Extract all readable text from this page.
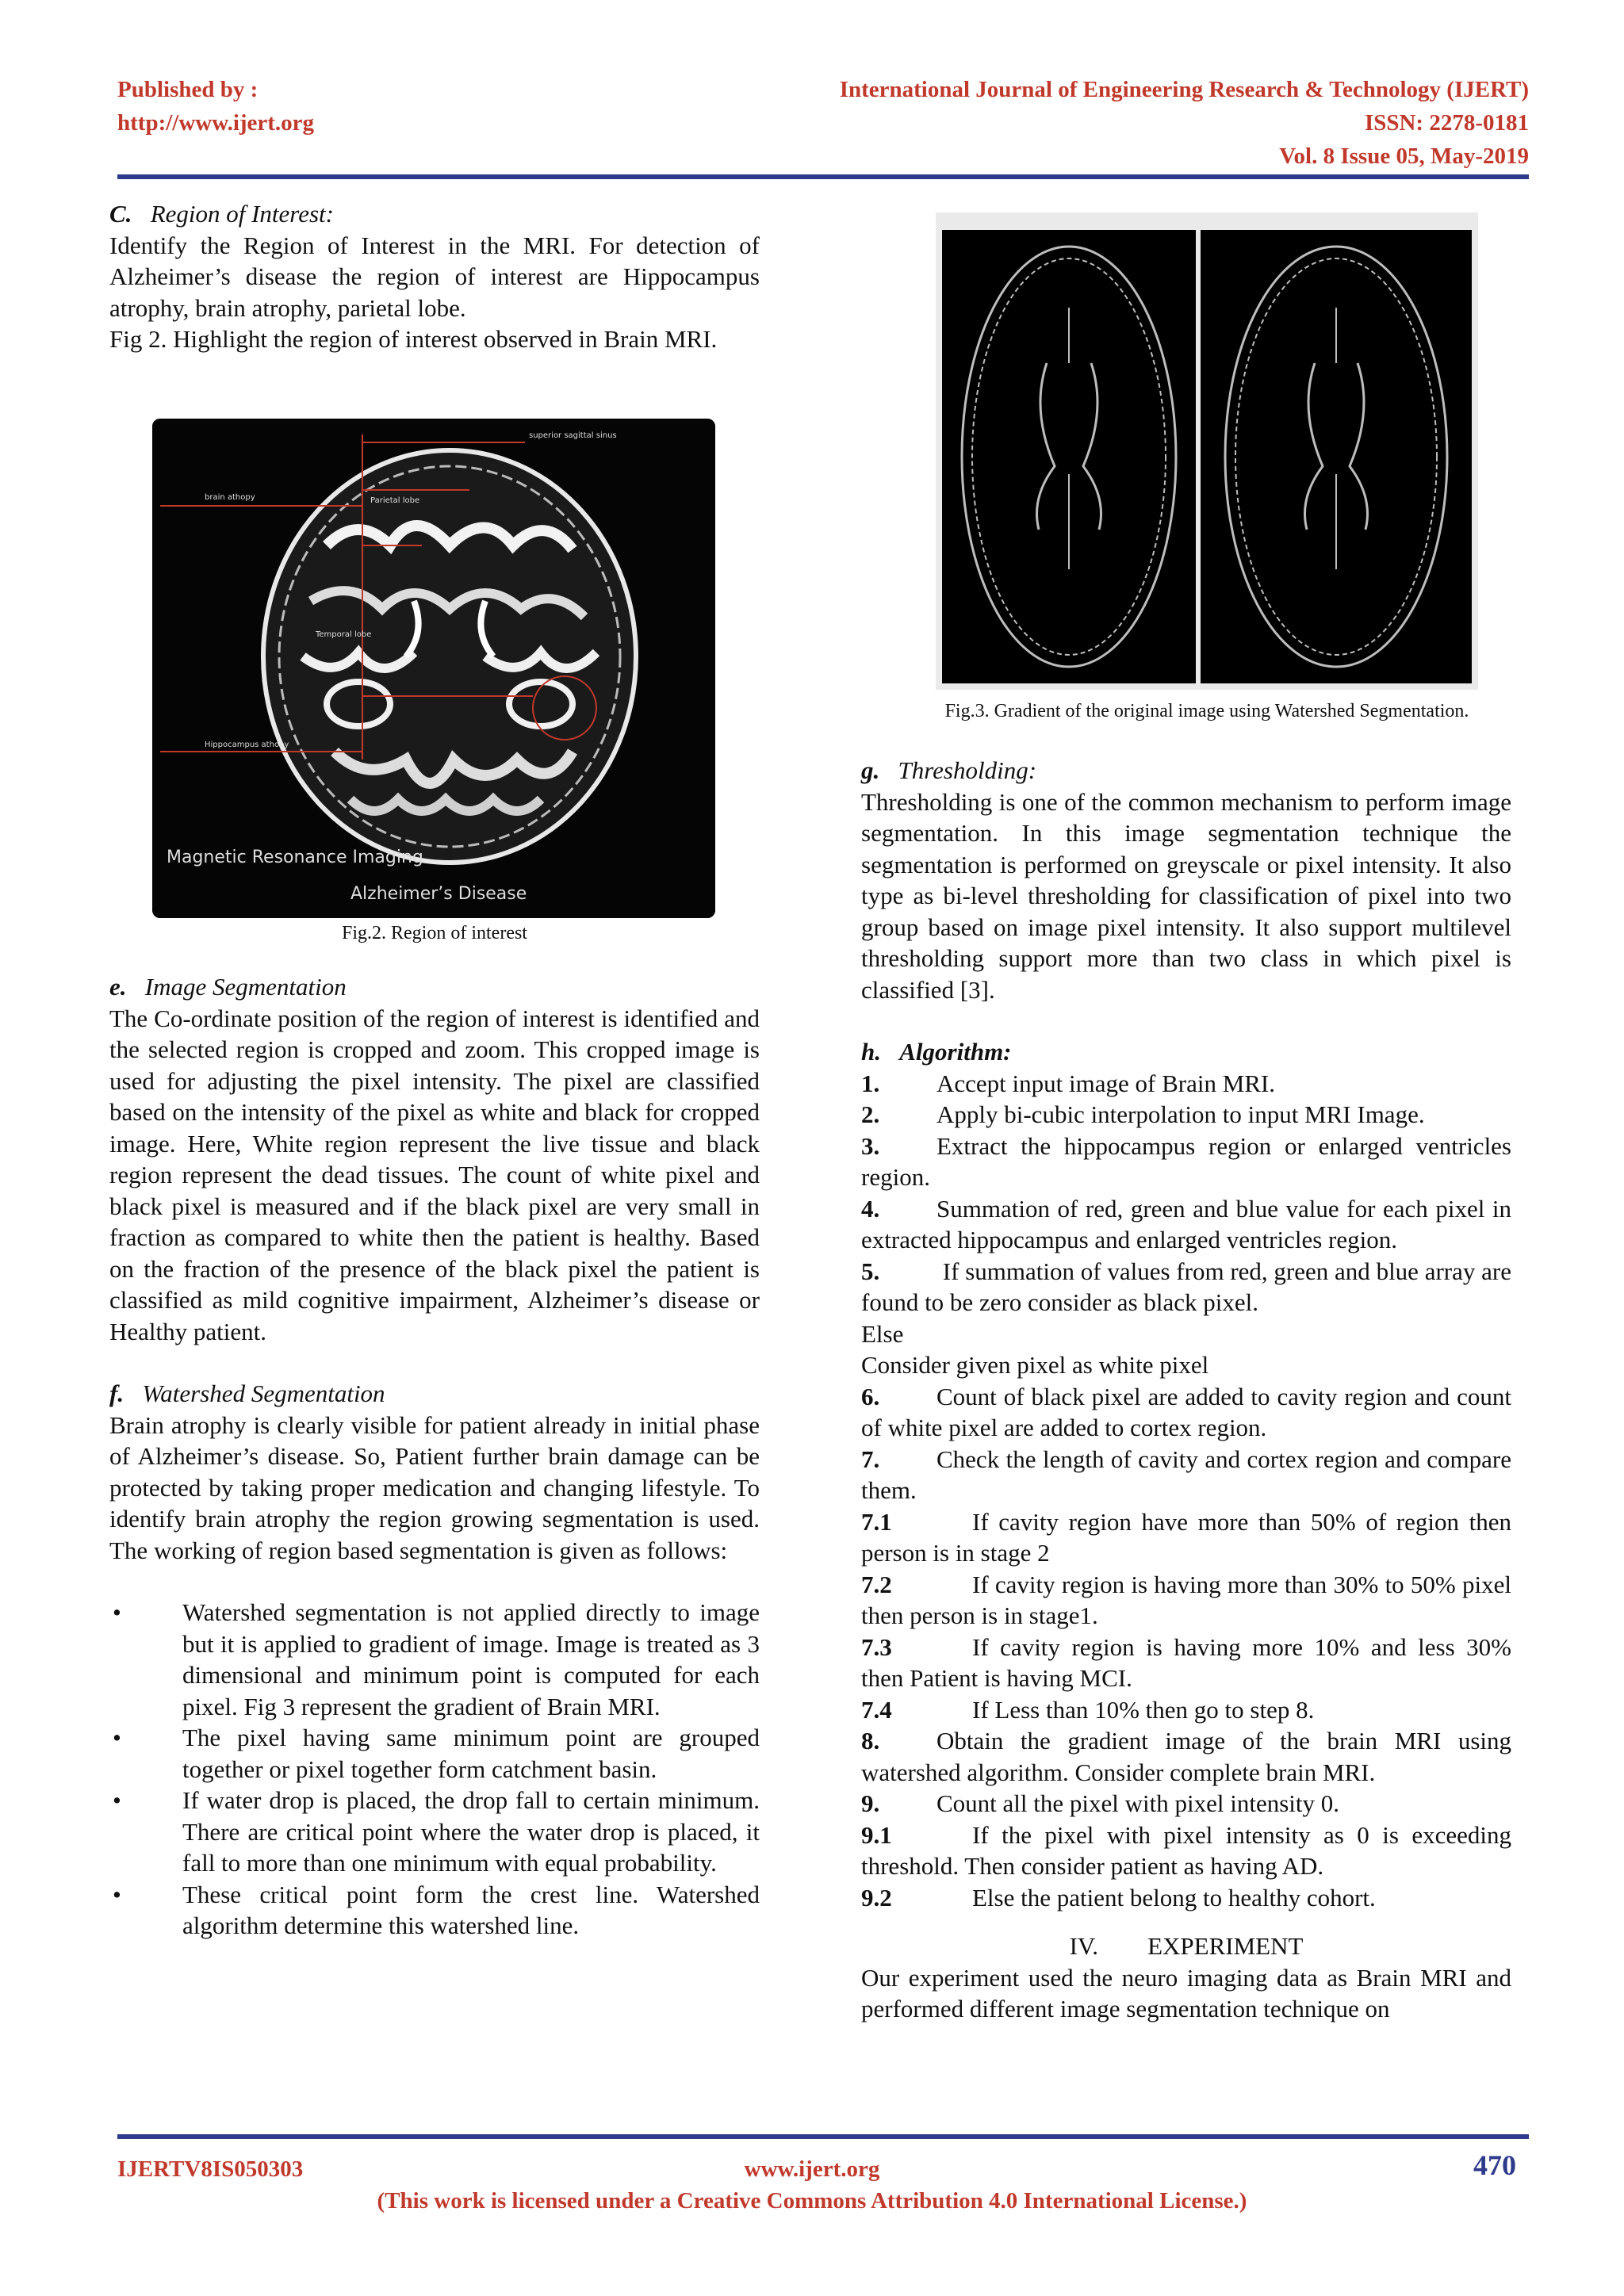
Published by :
http://www.ijert.org
International Journal of Engineering Research & Technology (IJERT)
ISSN: 2278-0181
Vol. 8 Issue 05, May-2019

C. Region of Interest:

Identify the Region of Interest in the MRI. For detection of Alzheimer’s disease the region of interest are Hippocampus atrophy, brain atrophy, parietal lobe.

Fig 2. Highlight the region of interest observed in Brain MRI.

superior sagittal sinus
brain athopy	Parietal lobe
Temporal lobe
Hippocampus athopy
Magnetic Resonance Imaging
Alzheimer’s Disease
Fig.2. Region of interest

e. Image Segmentation

The Co-ordinate position of the region of interest is identified and the selected region is cropped and zoom. This cropped image is used for adjusting the pixel intensity. The pixel are classified based on the intensity of the pixel as white and black for cropped image. Here, White region represent the live tissue and black region represent the dead tissues. The count of white pixel and black pixel is measured and if the black pixel are very small in fraction as compared to white then the patient is healthy. Based on the fraction of the presence of the black pixel the patient is classified as mild cognitive impairment, Alzheimer’s disease or Healthy patient.

f. Watershed Segmentation

Brain atrophy is clearly visible for patient already in initial phase of Alzheimer’s disease. So, Patient further brain damage can be protected by taking proper medication and changing lifestyle. To identify brain atrophy the region growing segmentation is used. The working of region based segmentation is given as follows:

• Watershed segmentation is not applied directly to image but it is applied to gradient of image. Image is treated as 3 dimensional and minimum point is computed for each pixel. Fig 3 represent the gradient of Brain MRI.

• The pixel having same minimum point are grouped together or pixel together form catchment basin.

• If water drop is placed, the drop fall to certain minimum. There are critical point where the water drop is placed, it fall to more than one minimum with equal probability.

• These critical point form the crest line. Watershed algorithm determine this watershed line.

Fig.3. Gradient of the original image using Watershed Segmentation.

g. Thresholding:

Thresholding is one of the common mechanism to perform image segmentation. In this image segmentation technique the segmentation is performed on greyscale or pixel intensity. It also type as bi-level thresholding for classification of pixel into two group based on image pixel intensity. It also support multilevel thresholding support more than two class in which pixel is classified [3].

h. Algorithm:

1. Accept input image of Brain MRI.

2. Apply bi-cubic interpolation to input MRI Image.

3. Extract the hippocampus region or enlarged ventricles region.

4. Summation of red, green and blue value for each pixel in extracted hippocampus and enlarged ventricles region.

5. If summation of values from red, green and blue array are found to be zero consider as black pixel.

Else

Consider given pixel as white pixel

6. Count of black pixel are added to cavity region and count of white pixel are added to cortex region.

7. Check the length of cavity and cortex region and compare them.

7.1	If cavity region have more than 50% of region then person is in stage 2

7.2	If cavity region is having more than 30% to 50% pixel then person is in stage1.

7.3	If cavity region is having more 10% and less 30% then Patient is having MCI.

7.4	If Less than 10% then go to step 8.

8. Obtain the gradient image of the brain MRI using watershed algorithm. Consider complete brain MRI.

9. Count all the pixel with pixel intensity 0.

9.1	If the pixel with pixel intensity as 0 is exceeding threshold. Then consider patient as having AD.

9.2	Else the patient belong to healthy cohort.

IV. EXPERIMENT

Our experiment used the neuro imaging data as Brain MRI and performed different image segmentation technique on

IJERTV8IS050303	www.ijert.org	470
(This work is licensed under a Creative Commons Attribution 4.0 International License.)
